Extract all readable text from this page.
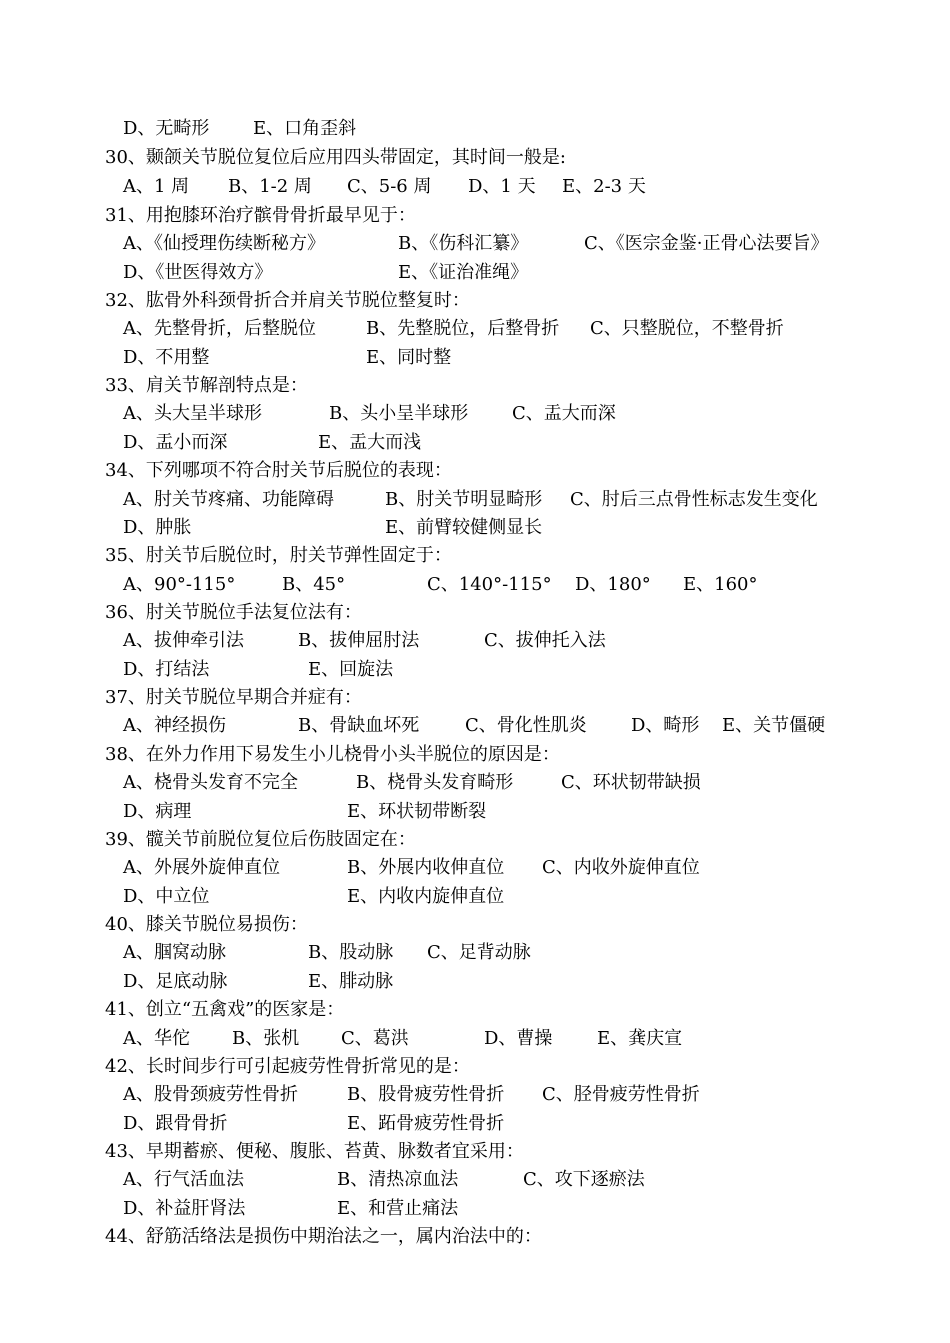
D、无畸形 E、口角歪斜
30、颞颌关节脱位复位后应用四头带固定，其时间一般是:
A、1 周 B、1-2 周 C、5-6 周 D、1 天 E、2-3 天
31、用抱膝环治疗髌骨骨折最早见于：
A、《仙授理伤续断秘方》	B、《伤科汇纂》	C、《医宗金鉴·正骨心法要旨》
D、《世医得效方》	E、《证治准绳》
32、肱骨外科颈骨折合并肩关节脱位整复时：
A、先整骨折，后整脱位	B、先整脱位，后整骨折 C、只整脱位，不整骨折
D、不用整	E、同时整
33、肩关节解剖特点是：
A、头大呈半球形	B、头小呈半球形 C、盂大而深
D、盂小而深	E、盂大而浅
34、下列哪项不符合肘关节后脱位的表现：
A、肘关节疼痛、功能障碍	B、肘关节明显畸形 C、肘后三点骨性标志发生变化
D、肿胀	E、前臂较健侧显长
35、肘关节后脱位时，肘关节弹性固定于：
A、90°-115°	B、45°	C、140°-115° D、180° E、160°
36、肘关节脱位手法复位法有：
A、拔伸牵引法	B、拔伸屈肘法	C、拔伸托入法
D、打结法	E、回旋法
37、肘关节脱位早期合并症有：
A、神经损伤	B、骨缺血坏死	C、骨化性肌炎 D、畸形 E、关节僵硬
38、在外力作用下易发生小儿桡骨小头半脱位的原因是：
A、桡骨头发育不完全	B、桡骨头发育畸形	C、环状韧带缺损
D、病理	E、环状韧带断裂
39、髋关节前脱位复位后伤肢固定在：
A、外展外旋伸直位	B、外展内收伸直位 C、内收外旋伸直位
D、中立位	E、内收内旋伸直位
40、膝关节脱位易损伤：
A、腘窝动脉	B、股动脉 C、足背动脉
D、足底动脉	E、腓动脉
41、创立“五禽戏”的医家是：
A、华佗 B、张机 C、葛洪	D、曹操 E、龚庆宣
42、长时间步行可引起疲劳性骨折常见的是：
A、股骨颈疲劳性骨折	B、股骨疲劳性骨折 C、胫骨疲劳性骨折
D、跟骨骨折	E、跖骨疲劳性骨折
43、早期蓄瘀、便秘、腹胀、苔黄、脉数者宜采用：
A、行气活血法	B、清热凉血法	C、攻下逐瘀法
D、补益肝肾法	E、和营止痛法
44、舒筋活络法是损伤中期治法之一，属内治法中的：
